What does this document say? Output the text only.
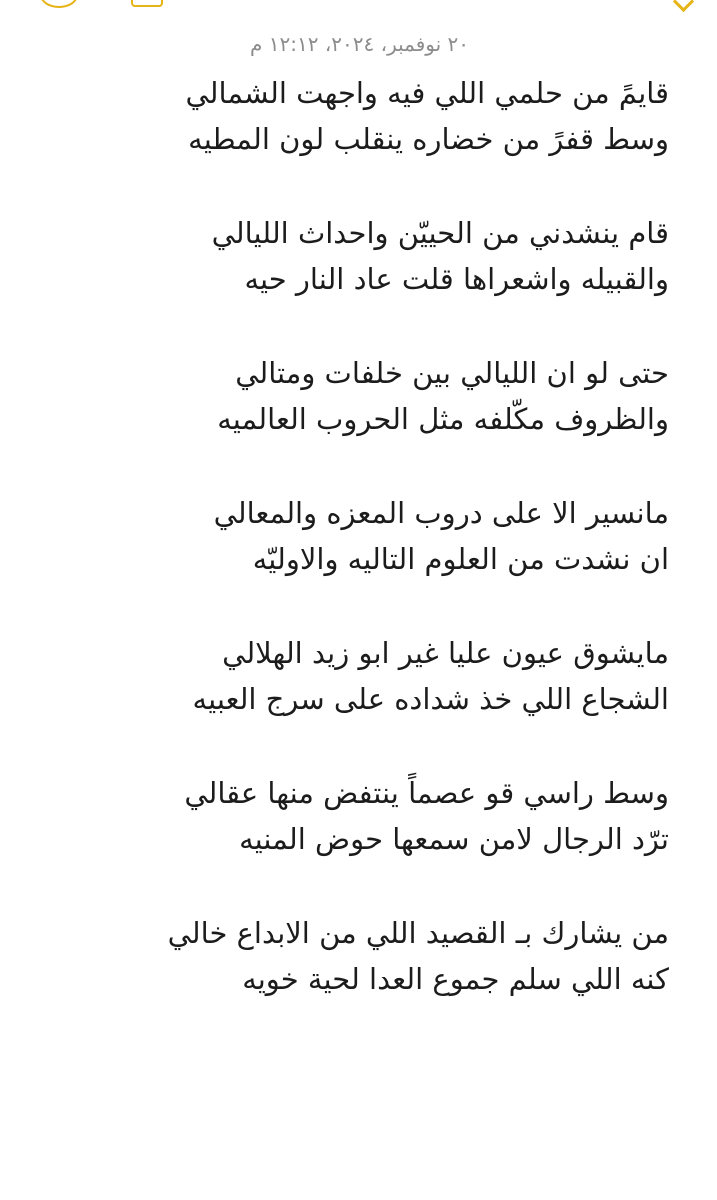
٢٠ نوفمبر، ٢٠٢٤، ١٢:١٢ م
قايمً من حلمي اللي فيه واجهت الشمالي
وسط قفرً من خضاره ينقلب لون المطيه
قام ينشدني من الحييّن واحداث الليالي
والقبيله واشعراها قلت عاد النار حيه
حتى لو ان الليالي بين خلفات ومتالي
والظروف مكّلفه مثل الحروب العالميه
مانسير الا على دروب المعزه والمعالي
ان نشدت من العلوم التاليه والاوليّه
مايشوق عيون عليا غير ابو زيد الهلالي
الشجاع اللي خذ شداده على سرج العبيه
وسط راسي قو عصماً ينتفض منها عقالي
ترّد الرجال لامن سمعها حوض المنيه
من يشارك بـ القصيد اللي من الابداع خالي
كنه اللي سلم جموع العدا لحية خويه
